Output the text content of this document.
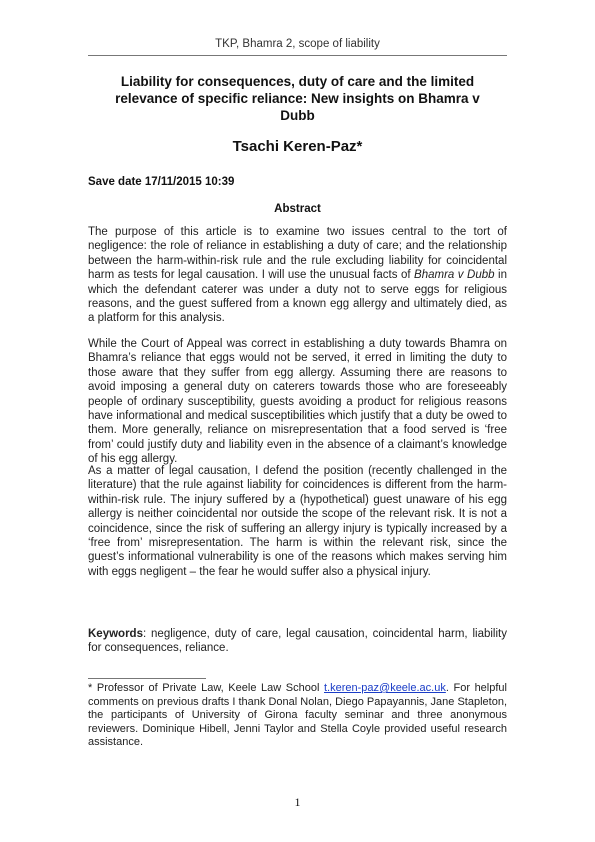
TKP, Bhamra 2, scope of liability
Liability for consequences, duty of care and the limited relevance of specific reliance: New insights on Bhamra v Dubb
Tsachi Keren-Paz*
Save date 17/11/2015 10:39
Abstract

The purpose of this article is to examine two issues central to the tort of negligence: the role of reliance in establishing a duty of care; and the relationship between the harm-within-risk rule and the rule excluding liability for coincidental harm as tests for legal causation. I will use the unusual facts of Bhamra v Dubb in which the defendant caterer was under a duty not to serve eggs for religious reasons, and the guest suffered from a known egg allergy and ultimately died, as a platform for this analysis.

While the Court of Appeal was correct in establishing a duty towards Bhamra on Bhamra’s reliance that eggs would not be served, it erred in limiting the duty to those aware that they suffer from egg allergy. Assuming there are reasons to avoid imposing a general duty on caterers towards those who are foreseeably people of ordinary susceptibility, guests avoiding a product for religious reasons have informational and medical susceptibilities which justify that a duty be owed to them. More generally, reliance on misrepresentation that a food served is ‘free from’ could justify duty and liability even in the absence of a claimant’s knowledge of his egg allergy.

As a matter of legal causation, I defend the position (recently challenged in the literature) that the rule against liability for coincidences is different from the harm-within-risk rule. The injury suffered by a (hypothetical) guest unaware of his egg allergy is neither coincidental nor outside the scope of the relevant risk. It is not a coincidence, since the risk of suffering an allergy injury is typically increased by a ‘free from’ misrepresentation. The harm is within the relevant risk, since the guest’s informational vulnerability is one of the reasons which makes serving him with eggs negligent – the fear he would suffer also a physical injury.

Keywords: negligence, duty of care, legal causation, coincidental harm, liability for consequences, reliance.

* Professor of Private Law, Keele Law School t.keren-paz@keele.ac.uk. For helpful comments on previous drafts I thank Donal Nolan, Diego Papayannis, Jane Stapleton, the participants of University of Girona faculty seminar and three anonymous reviewers. Dominique Hibell, Jenni Taylor and Stella Coyle provided useful research assistance.

1
